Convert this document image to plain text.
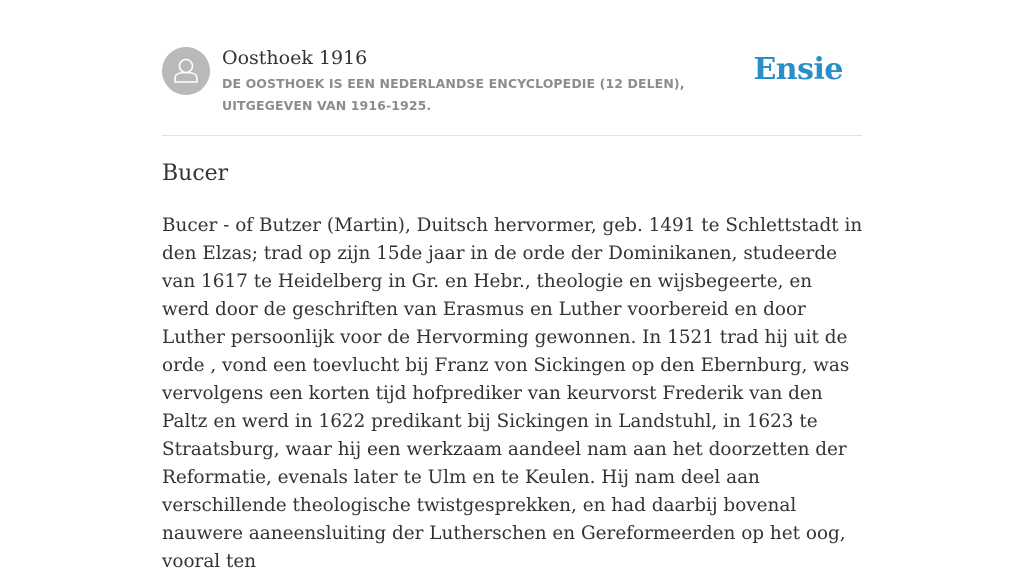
Oosthoek 1916
DE OOSTHOEK IS EEN NEDERLANDSE ENCYCLOPEDIE (12 DELEN), UITGEGEVEN VAN 1916-1925.
Ensie
Bucer

Bucer - of Butzer (Martin), Duitsch hervormer, geb. 1491 te Schlettstadt in den Elzas; trad op zijn 15de jaar in de orde der Dominikanen, studeerde van 1617 te Heidelberg in Gr. en Hebr., theologie en wijsbegeerte, en werd door de geschriften van Erasmus en Luther voorbereid en door Luther persoonlijk voor de Hervorming gewonnen. In 1521 trad hij uit de orde , vond een toevlucht bij Franz von Sickingen op den Ebernburg, was vervolgens een korten tijd hofprediker van keurvorst Frederik van den Paltz en werd in 1622 predikant bij Sickingen in Landstuhl, in 1623 te Straatsburg, waar hij een werkzaam aandeel nam aan het doorzetten der Reformatie, evenals later te Ulm en te Keulen. Hij nam deel aan verschillende theologische twistgesprekken, en had daarbij bovenal nauwere aaneensluiting der Lutherschen en Gereformeerden op het oog, vooral ten
